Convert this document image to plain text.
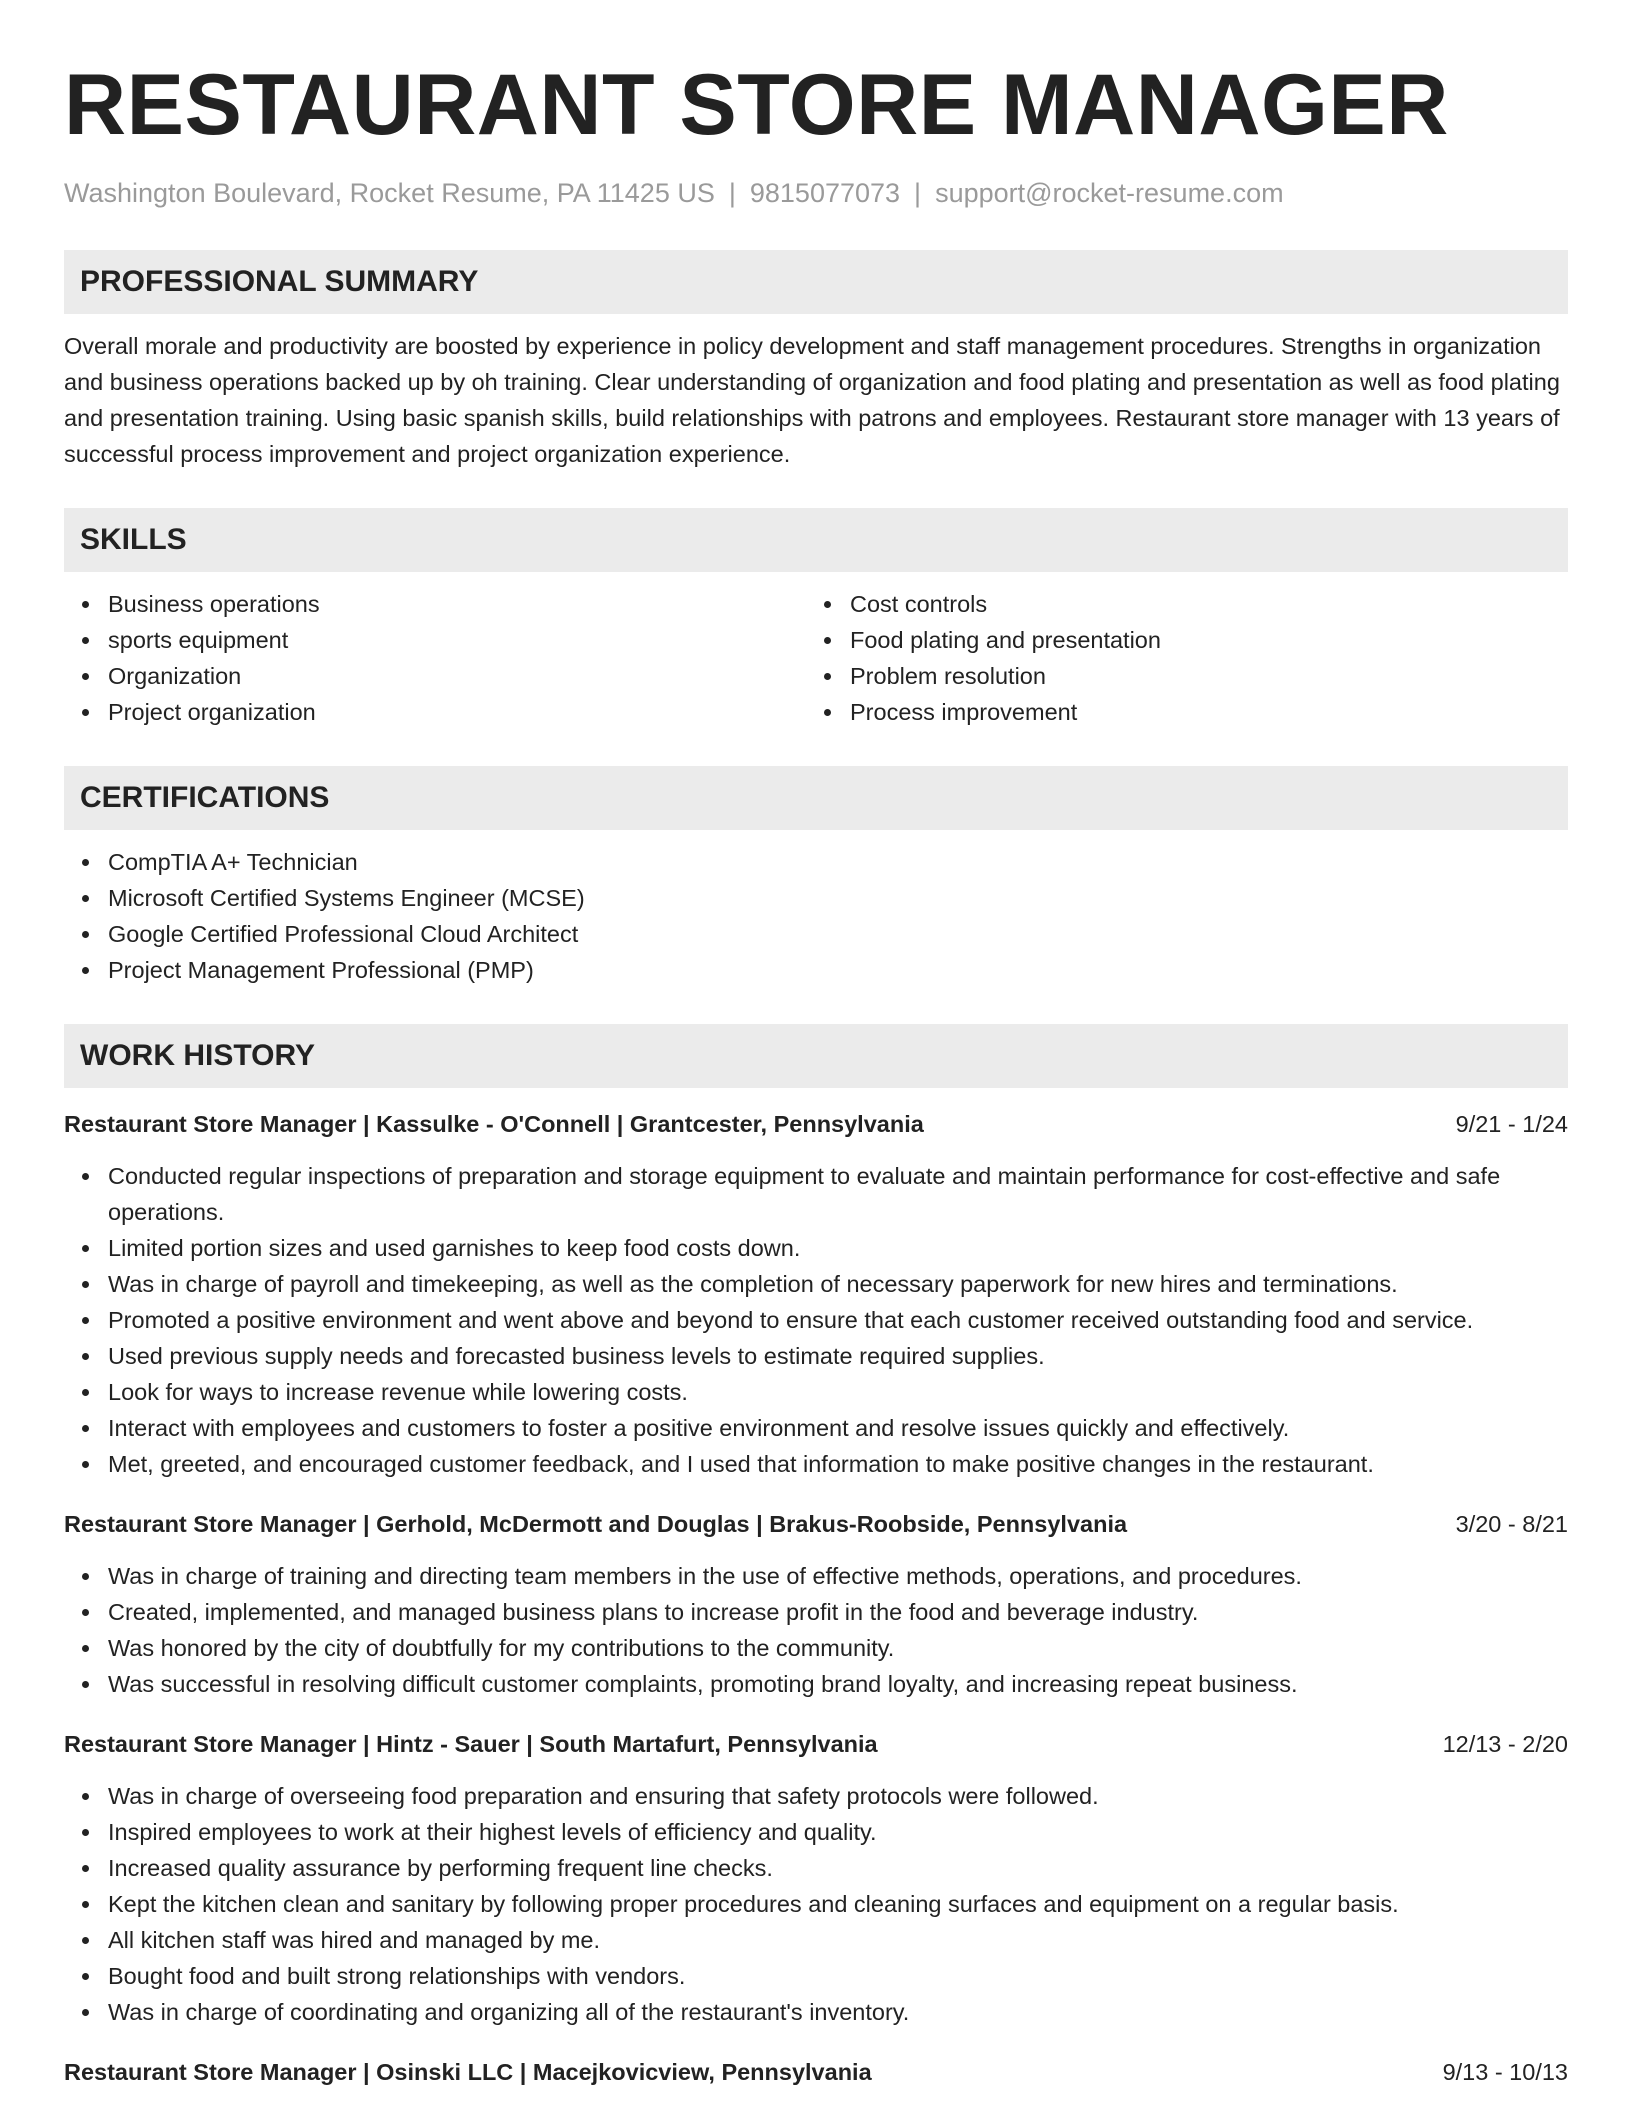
RESTAURANT STORE MANAGER
Washington Boulevard, Rocket Resume, PA 11425 US | 9815077073 | support@rocket-resume.com
PROFESSIONAL SUMMARY

Overall morale and productivity are boosted by experience in policy development and staff management procedures. Strengths in organization and business operations backed up by oh training. Clear understanding of organization and food plating and presentation as well as food plating and presentation training. Using basic spanish skills, build relationships with patrons and employees. Restaurant store manager with 13 years of successful process improvement and project organization experience.

SKILLS
Business operations
sports equipment
Organization
Project organization
Cost controls
Food plating and presentation
Problem resolution
Process improvement
CERTIFICATIONS
CompTIA A+ Technician
Microsoft Certified Systems Engineer (MCSE)
Google Certified Professional Cloud Architect
Project Management Professional (PMP)
WORK HISTORY
Restaurant Store Manager | Kassulke - O'Connell | Grantcester, Pennsylvania	9/21 - 1/24
Conducted regular inspections of preparation and storage equipment to evaluate and maintain performance for cost-effective and safe operations.
Limited portion sizes and used garnishes to keep food costs down.
Was in charge of payroll and timekeeping, as well as the completion of necessary paperwork for new hires and terminations.
Promoted a positive environment and went above and beyond to ensure that each customer received outstanding food and service.
Used previous supply needs and forecasted business levels to estimate required supplies.
Look for ways to increase revenue while lowering costs.
Interact with employees and customers to foster a positive environment and resolve issues quickly and effectively.
Met, greeted, and encouraged customer feedback, and I used that information to make positive changes in the restaurant.
Restaurant Store Manager | Gerhold, McDermott and Douglas | Brakus-Roobside, Pennsylvania	3/20 - 8/21
Was in charge of training and directing team members in the use of effective methods, operations, and procedures.
Created, implemented, and managed business plans to increase profit in the food and beverage industry.
Was honored by the city of doubtfully for my contributions to the community.
Was successful in resolving difficult customer complaints, promoting brand loyalty, and increasing repeat business.
Restaurant Store Manager | Hintz - Sauer | South Martafurt, Pennsylvania	12/13 - 2/20
Was in charge of overseeing food preparation and ensuring that safety protocols were followed.
Inspired employees to work at their highest levels of efficiency and quality.
Increased quality assurance by performing frequent line checks.
Kept the kitchen clean and sanitary by following proper procedures and cleaning surfaces and equipment on a regular basis.
All kitchen staff was hired and managed by me.
Bought food and built strong relationships with vendors.
Was in charge of coordinating and organizing all of the restaurant's inventory.
Restaurant Store Manager | Osinski LLC | Macejkovicview, Pennsylvania	9/13 - 10/13
